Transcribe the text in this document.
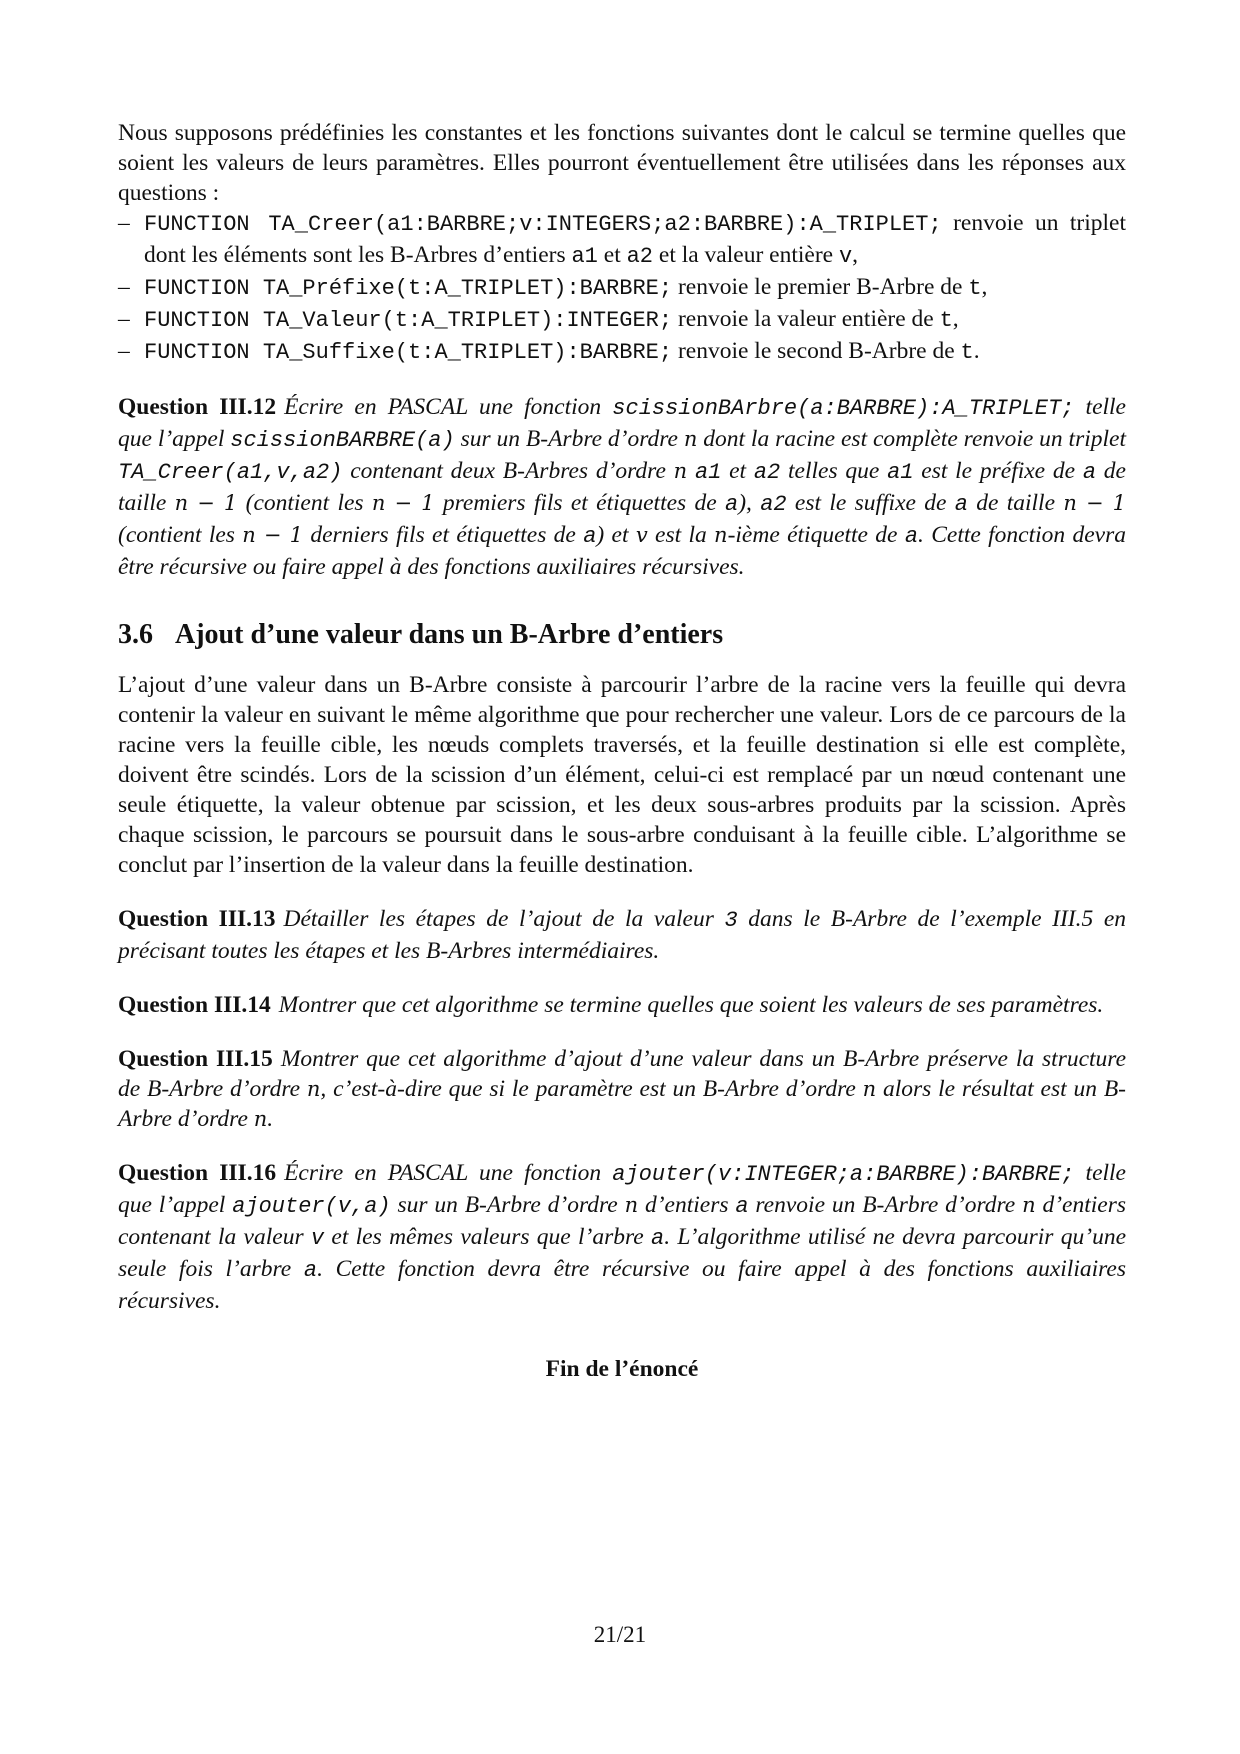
Nous supposons prédéfinies les constantes et les fonctions suivantes dont le calcul se termine quelles que soient les valeurs de leurs paramètres. Elles pourront éventuellement être utilisées dans les réponses aux questions :

– FUNCTION TA_Creer(a1:BARBRE;v:INTEGERS;a2:BARBRE):A_TRIPLET; renvoie un triplet dont les éléments sont les B-Arbres d’entiers a1 et a2 et la valeur entière v,
– FUNCTION TA_Préfixe(t:A_TRIPLET):BARBRE; renvoie le premier B-Arbre de t,
– FUNCTION TA_Valeur(t:A_TRIPLET):INTEGER; renvoie la valeur entière de t,
– FUNCTION TA_Suffixe(t:A_TRIPLET):BARBRE; renvoie le second B-Arbre de t.

Question III.12 Écrire en PASCAL une fonction scissionBArbre(a:BARBRE):A_TRIPLET; telle que l’appel scissionBARBRE(a) sur un B-Arbre d’ordre n dont la racine est complète renvoie un triplet TA_Creer(a1,v,a2) contenant deux B-Arbres d’ordre n a1 et a2 telles que a1 est le préfixe de a de taille n − 1 (contient les n − 1 premiers fils et étiquettes de a), a2 est le suffixe de a de taille n − 1 (contient les n − 1 derniers fils et étiquettes de a) et v est la n-ième étiquette de a. Cette fonction devra être récursive ou faire appel à des fonctions auxiliaires récursives.

3.6 Ajout d’une valeur dans un B-Arbre d’entiers

L’ajout d’une valeur dans un B-Arbre consiste à parcourir l’arbre de la racine vers la feuille qui devra contenir la valeur en suivant le même algorithme que pour rechercher une valeur. Lors de ce parcours de la racine vers la feuille cible, les nœuds complets traversés, et la feuille destination si elle est complète, doivent être scindés. Lors de la scission d’un élément, celui-ci est remplacé par un nœud contenant une seule étiquette, la valeur obtenue par scission, et les deux sous-arbres produits par la scission. Après chaque scission, le parcours se poursuit dans le sous-arbre conduisant à la feuille cible. L’algorithme se conclut par l’insertion de la valeur dans la feuille destination.

Question III.13 Détailler les étapes de l’ajout de la valeur 3 dans le B-Arbre de l’exemple III.5 en précisant toutes les étapes et les B-Arbres intermédiaires.

Question III.14 Montrer que cet algorithme se termine quelles que soient les valeurs de ses paramètres.

Question III.15 Montrer que cet algorithme d’ajout d’une valeur dans un B-Arbre préserve la structure de B-Arbre d’ordre n, c’est-à-dire que si le paramètre est un B-Arbre d’ordre n alors le résultat est un B-Arbre d’ordre n.

Question III.16 Écrire en PASCAL une fonction ajouter(v:INTEGER;a:BARBRE):BARBRE; telle que l’appel ajouter(v,a) sur un B-Arbre d’ordre n d’entiers a renvoie un B-Arbre d’ordre n d’entiers contenant la valeur v et les mêmes valeurs que l’arbre a. L’algorithme utilisé ne devra parcourir qu’une seule fois l’arbre a. Cette fonction devra être récursive ou faire appel à des fonctions auxiliaires récursives.

Fin de l’énoncé

21/21
